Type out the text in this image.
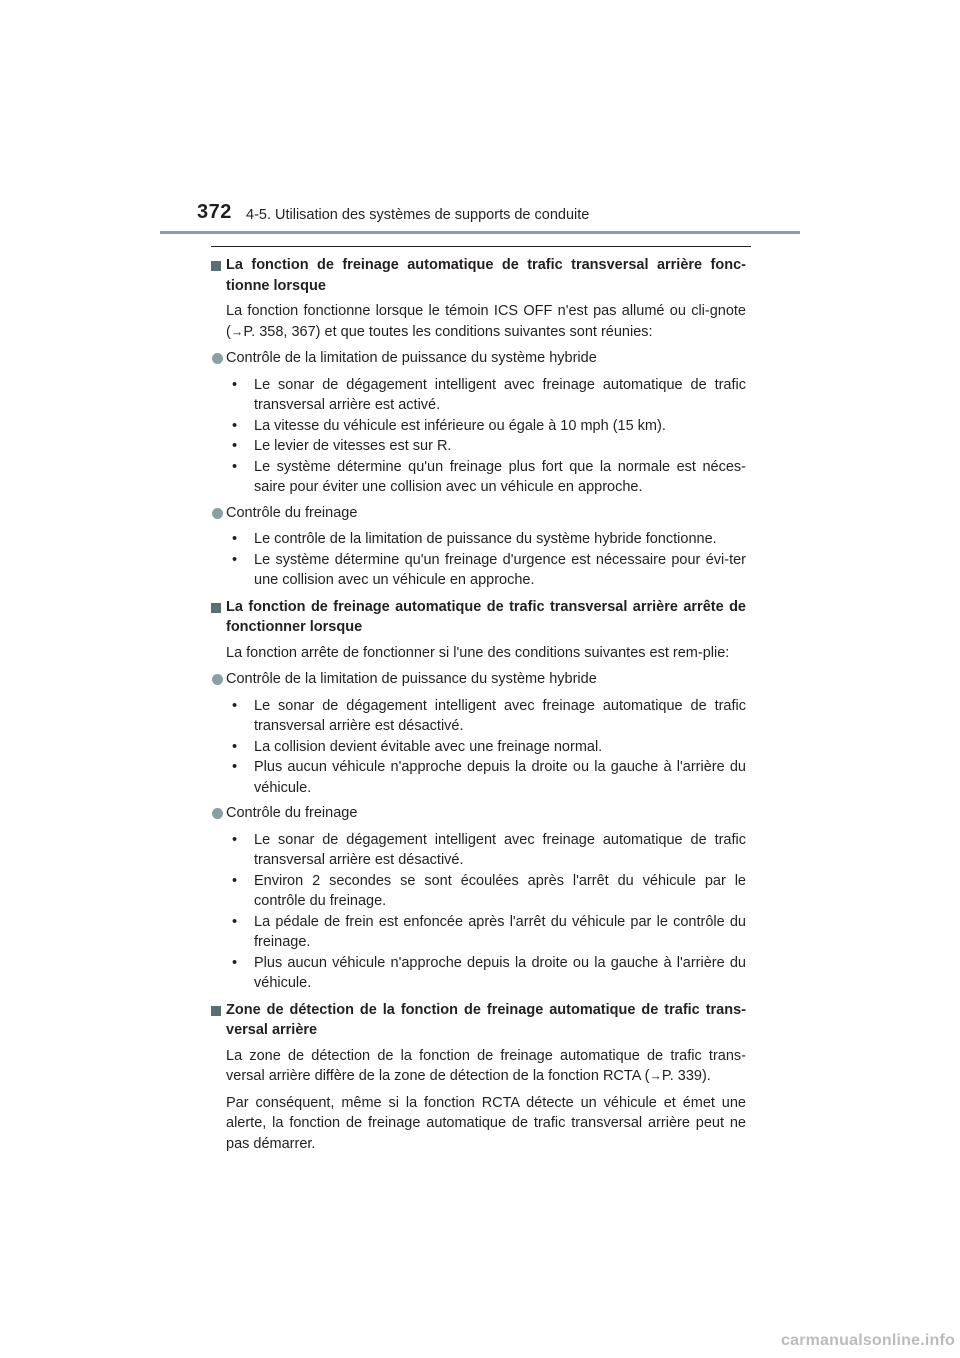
372 4-5. Utilisation des systèmes de supports de conduite

La fonction de freinage automatique de trafic transversal arrière fonc-tionne lorsque

La fonction fonctionne lorsque le témoin ICS OFF n'est pas allumé ou cli-gnote (→P. 358, 367) et que toutes les conditions suivantes sont réunies:

Contrôle de la limitation de puissance du système hybride

• Le sonar de dégagement intelligent avec freinage automatique de trafic transversal arrière est activé.
• La vitesse du véhicule est inférieure ou égale à 10 mph (15 km).
• Le levier de vitesses est sur R.
• Le système détermine qu'un freinage plus fort que la normale est néces-saire pour éviter une collision avec un véhicule en approche.

Contrôle du freinage

• Le contrôle de la limitation de puissance du système hybride fonctionne.
• Le système détermine qu'un freinage d'urgence est nécessaire pour évi-ter une collision avec un véhicule en approche.

La fonction de freinage automatique de trafic transversal arrière arrête de fonctionner lorsque

La fonction arrête de fonctionner si l'une des conditions suivantes est rem-plie:

Contrôle de la limitation de puissance du système hybride

• Le sonar de dégagement intelligent avec freinage automatique de trafic transversal arrière est désactivé.
• La collision devient évitable avec une freinage normal.
• Plus aucun véhicule n'approche depuis la droite ou la gauche à l'arrière du véhicule.

Contrôle du freinage

• Le sonar de dégagement intelligent avec freinage automatique de trafic transversal arrière est désactivé.
• Environ 2 secondes se sont écoulées après l'arrêt du véhicule par le contrôle du freinage.
• La pédale de frein est enfoncée après l'arrêt du véhicule par le contrôle du freinage.
• Plus aucun véhicule n'approche depuis la droite ou la gauche à l'arrière du véhicule.

Zone de détection de la fonction de freinage automatique de trafic trans-versal arrière

La zone de détection de la fonction de freinage automatique de trafic trans-versal arrière diffère de la zone de détection de la fonction RCTA (→P. 339).

Par conséquent, même si la fonction RCTA détecte un véhicule et émet une alerte, la fonction de freinage automatique de trafic transversal arrière peut ne pas démarrer.

carmanualsonline.info
